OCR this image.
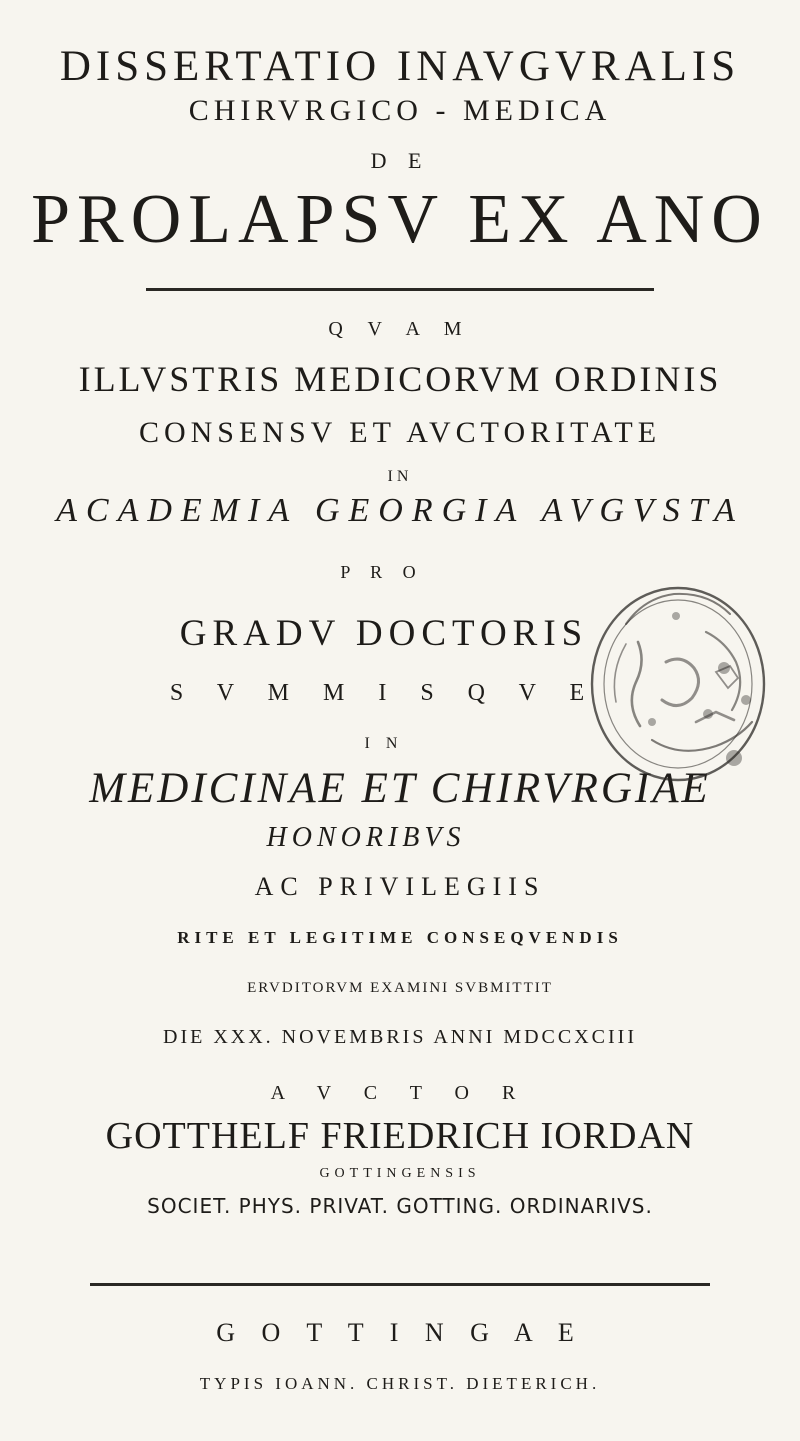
DISSERTATIO INAVGVRALIS
CHIRVRGICO - MEDICA
D E
PROLAPSV EX ANO
Q V A M
ILLVSTRIS MEDICORVM ORDINIS
CONSENSV ET AVCTORITATE
IN
ACADEMIA GEORGIA AVGVSTA
P R O
GRADV DOCTORIS
S V M M I S Q V E
I N
MEDICINAE ET CHIRVRGIAE
HONORIBVS
AC PRIVILEGIIS
RITE ET LEGITIME CONSEQVENDIS
ERVDITORVM EXAMINI SVBMITTIT
DIE XXX. NOVEMBRIS ANNI MDCCXCIII
A V C T O R
GOTTHELF FRIEDRICH IORDAN
GOTTINGENSIS
SOCIET. PHYS. PRIVAT. GOTTING. ORDINARIVS.
G O T T I N G A E
TYPIS IOANN. CHRIST. DIETERICH.
